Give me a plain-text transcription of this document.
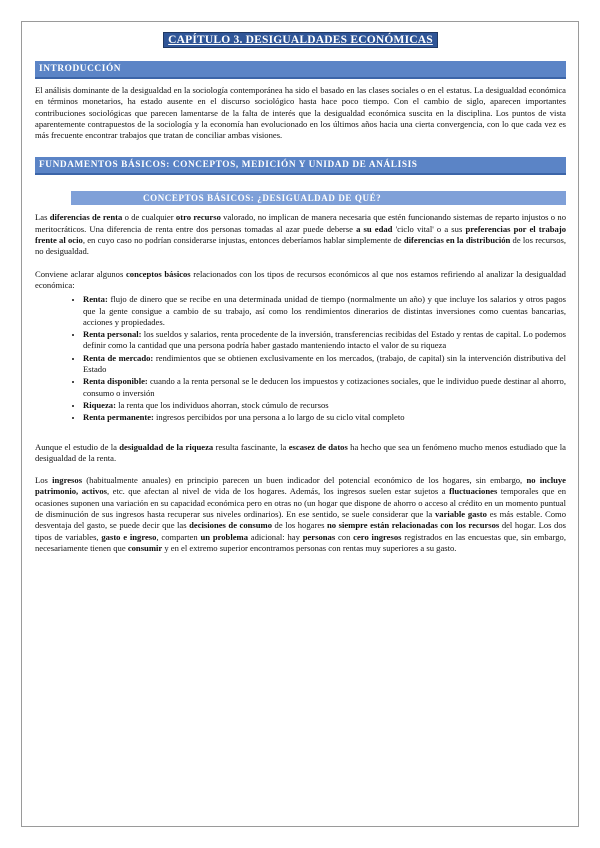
CAPÍTULO 3. DESIGUALDADES ECONÓMICAS
INTRODUCCIÓN

El análisis dominante de la desigualdad en la sociología contemporánea ha sido el basado en las clases sociales o en el estatus. La desigualdad económica en términos monetarios, ha estado ausente en el discurso sociológico hasta hace poco tiempo. Con el cambio de siglo, aparecen importantes contribuciones sociológicas que parecen lamentarse de la falta de interés que la desigualdad económica suscita en la disciplina. Los puntos de vista aparentemente contrapuestos de la sociología y la economía han evolucionado en los últimos años hacia una cierta convergencia, con lo que cada vez es más frecuente encontrar trabajos que tratan de conciliar ambas visiones.

FUNDAMENTOS BÁSICOS: CONCEPTOS, MEDICIÓN Y UNIDAD DE ANÁLISIS
CONCEPTOS BÁSICOS: ¿DESIGUALDAD DE QUÉ?

Las diferencias de renta o de cualquier otro recurso valorado, no implican de manera necesaria que estén funcionando sistemas de reparto injustos o no meritocráticos. Una diferencia de renta entre dos personas tomadas al azar puede deberse a su edad 'ciclo vital' o a sus preferencias por el trabajo frente al ocio, en cuyo caso no podrían considerarse injustas, entonces deberíamos hablar simplemente de diferencias en la distribución de los recursos, no desigualdad.

Conviene aclarar algunos conceptos básicos relacionados con los tipos de recursos económicos al que nos estamos refiriendo al analizar la desigualdad económica:

• Renta: flujo de dinero que se recibe en una determinada unidad de tiempo (normalmente un año) y que incluye los salarios y otros pagos que la gente consigue a cambio de su trabajo, así como los rendimientos dinerarios de distintas inversiones como cuentas bancarias, acciones y propiedades.
• Renta personal: los sueldos y salarios, renta procedente de la inversión, transferencias recibidas del Estado y rentas de capital. Lo podemos definir como la cantidad que una persona podría haber gastado manteniendo intacto el valor de su riqueza
• Renta de mercado: rendimientos que se obtienen exclusivamente en los mercados, (trabajo, de capital) sin la intervención distributiva del Estado
• Renta disponible: cuando a la renta personal se le deducen los impuestos y cotizaciones sociales, que le individuo puede destinar al ahorro, consumo o inversión
• Riqueza: la renta que los individuos ahorran, stock cúmulo de recursos
• Renta permanente: ingresos percibidos por una persona a lo largo de su ciclo vital completo

Aunque el estudio de la desigualdad de la riqueza resulta fascinante, la escasez de datos ha hecho que sea un fenómeno mucho menos estudiado que la desigualdad de la renta.

Los ingresos (habitualmente anuales) en principio parecen un buen indicador del potencial económico de los hogares, sin embargo, no incluye patrimonio, activos, etc. que afectan al nivel de vida de los hogares. Además, los ingresos suelen estar sujetos a fluctuaciones temporales que en ocasiones suponen una variación en su capacidad económica pero en otras no (un hogar que dispone de ahorro o acceso al crédito en un momento puntual de disminución de sus ingresos hasta recuperar sus niveles ordinarios). En ese sentido, se suele considerar que la variable gasto es más estable. Como desventaja del gasto, se puede decir que las decisiones de consumo de los hogares no siempre están relacionadas con los recursos del hogar. Los dos tipos de variables, gasto e ingreso, comparten un problema adicional: hay personas con cero ingresos registrados en las encuestas que, sin embargo, necesariamente tienen que consumir y en el extremo superior encontramos personas con rentas muy superiores a su gasto.
